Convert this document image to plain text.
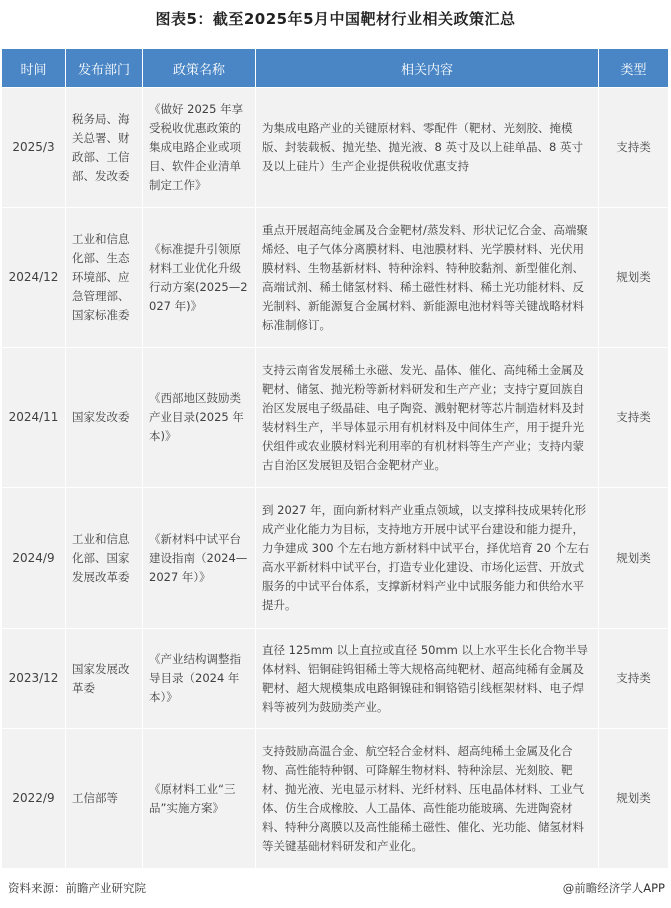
图表5：截至2025年5月中国靶材行业相关政策汇总
时间	发布部门	政策名称	相关内容	类型
2025/3	税务局、海关总署、财政部、工信部、发改委	《做好 2025 年享受税收优惠政策的集成电路企业或项目、软件企业清单制定工作》	为集成电路产业的关键原材料、零配件（靶材、光刻胶、掩模版、封装载板、抛光垫、抛光液、8 英寸及以上硅单晶、8 英寸及以上硅片）生产企业提供税收优惠支持	支持类
2024/12	工业和信息化部、生态环境部、应急管理部、国家标准委	《标准提升引领原材料工业优化升级行动方案(2025—2027 年)》	重点开展超高纯金属及合金靶材/蒸发料、形状记忆合金、高端聚烯烃、电子气体分离膜材料、电池膜材料、光学膜材料、光伏用膜材料、生物基新材料、特种涂料、特种胶黏剂、新型催化剂、高端试剂、稀土储氢材料、稀土磁性材料、稀土光功能材料、反光制料、新能源复合金属材料、新能源电池材料等关键战略材料标准制修订。	规划类
2024/11	国家发改委	《西部地区鼓励类产业目录(2025 年本)》	支持云南省发展稀土永磁、发光、晶体、催化、高纯稀土金属及靶材、储氢、抛光粉等新材料研发和生产产业；支持宁夏回族自治区发展电子级晶硅、电子陶瓷、溅射靶材等芯片制造材料及封装材料生产，半导体显示用有机材料及中间体生产，用于提升光伏组件或农业膜材料光利用率的有机材料等生产产业；支持内蒙古自治区发展钽及铝合金靶材产业。	支持类
2024/9	工业和信息化部、国家发展改革委	《新材料中试平台建设指南（2024—2027 年）》	到 2027 年，面向新材料产业重点领域，以支撑科技成果转化形成产业化能力为目标，支持地方开展中试平台建设和能力提升，力争建成 300 个左右地方新材料中试平台，择优培育 20 个左右高水平新材料中试平台，打造专业化建设、市场化运营、开放式服务的中试平台体系，支撑新材料产业中试服务能力和供给水平提升。	规划类
2023/12	国家发展改革委	《产业结构调整指导目录（2024 年本）》	直径 125mm 以上直拉或直径 50mm 以上水平生长化合物半导体材料、铝铜硅钨钼稀土等大规格高纯靶材、超高纯稀有金属及靶材、超大规模集成电路铜镍硅和铜铬锆引线框架材料、电子焊料等被列为鼓励类产业。	支持类
2022/9	工信部等	《原材料工业“三品”实施方案》	支持鼓励高温合金、航空轻合金材料、超高纯稀土金属及化合物、高性能特种钢、可降解生物材料、特种涂层、光刻胶、靶材、抛光液、光电显示材料、光纤材料、压电晶体材料、工业气体、仿生合成橡胶、人工晶体、高性能功能玻璃、先进陶瓷材料、特种分离膜以及高性能稀土磁性、催化、光功能、储氢材料等关键基础材料研发和产业化。	规划类
资料来源：前瞻产业研究院	@前瞻经济学人APP
